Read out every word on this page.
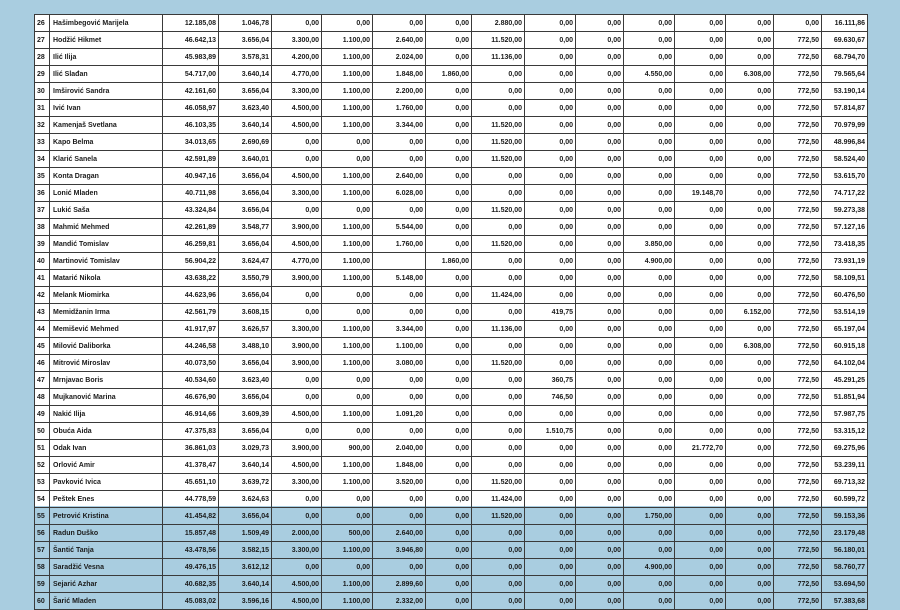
26	Hašimbegović Marijela	12.185,08	1.046,78	0,00	0,00	0,00	0,00	2.880,00	0,00	0,00	0,00	0,00	0,00	0,00	16.111,86
27	Hodžić Hikmet	46.642,13	3.656,04	3.300,00	1.100,00	2.640,00	0,00	11.520,00	0,00	0,00	0,00	0,00	0,00	772,50	69.630,67
28	Ilić Ilija	45.983,89	3.578,31	4.200,00	1.100,00	2.024,00	0,00	11.136,00	0,00	0,00	0,00	0,00	0,00	772,50	68.794,70
29	Ilić Slađan	54.717,00	3.640,14	4.770,00	1.100,00	1.848,00	1.860,00	0,00	0,00	0,00	4.550,00	0,00	6.308,00	772,50	79.565,64
30	Imširović Sandra	42.161,60	3.656,04	3.300,00	1.100,00	2.200,00	0,00	0,00	0,00	0,00	0,00	0,00	0,00	772,50	53.190,14
31	Ivić Ivan	46.058,97	3.623,40	4.500,00	1.100,00	1.760,00	0,00	0,00	0,00	0,00	0,00	0,00	0,00	772,50	57.814,87
32	Kamenjaš Svetlana	46.103,35	3.640,14	4.500,00	1.100,00	3.344,00	0,00	11.520,00	0,00	0,00	0,00	0,00	0,00	772,50	70.979,99
33	Kapo Belma	34.013,65	2.690,69	0,00	0,00	0,00	0,00	11.520,00	0,00	0,00	0,00	0,00	0,00	772,50	48.996,84
34	Klarić Sanela	42.591,89	3.640,01	0,00	0,00	0,00	0,00	11.520,00	0,00	0,00	0,00	0,00	0,00	772,50	58.524,40
35	Konta Dragan	40.947,16	3.656,04	4.500,00	1.100,00	2.640,00	0,00	0,00	0,00	0,00	0,00	0,00	0,00	772,50	53.615,70
36	Lonić Mladen	40.711,98	3.656,04	3.300,00	1.100,00	6.028,00	0,00	0,00	0,00	0,00	0,00	19.148,70	0,00	772,50	74.717,22
37	Lukić Saša	43.324,84	3.656,04	0,00	0,00	0,00	0,00	11.520,00	0,00	0,00	0,00	0,00	0,00	772,50	59.273,38
38	Mahmić Mehmed	42.261,89	3.548,77	3.900,00	1.100,00	5.544,00	0,00	0,00	0,00	0,00	0,00	0,00	0,00	772,50	57.127,16
39	Mandić Tomislav	46.259,81	3.656,04	4.500,00	1.100,00	1.760,00	0,00	11.520,00	0,00	0,00	3.850,00	0,00	0,00	772,50	73.418,35
40	Martinović Tomislav	56.904,22	3.624,47	4.770,00	1.100,00		1.860,00	0,00	0,00	0,00	4.900,00	0,00	0,00	772,50	73.931,19
41	Matarić Nikola	43.638,22	3.550,79	3.900,00	1.100,00	5.148,00	0,00	0,00	0,00	0,00	0,00	0,00	0,00	772,50	58.109,51
42	Melank Miomirka	44.623,96	3.656,04	0,00	0,00	0,00	0,00	11.424,00	0,00	0,00	0,00	0,00	0,00	772,50	60.476,50
43	Memidžanin Irma	42.561,79	3.608,15	0,00	0,00	0,00	0,00	0,00	419,75	0,00	0,00	0,00	6.152,00	772,50	53.514,19
44	Memišević Mehmed	41.917,97	3.626,57	3.300,00	1.100,00	3.344,00	0,00	11.136,00	0,00	0,00	0,00	0,00	0,00	772,50	65.197,04
45	Milović Daliborka	44.246,58	3.488,10	3.900,00	1.100,00	1.100,00	0,00	0,00	0,00	0,00	0,00	0,00	6.308,00	772,50	60.915,18
46	Mitrović Miroslav	40.073,50	3.656,04	3.900,00	1.100,00	3.080,00	0,00	11.520,00	0,00	0,00	0,00	0,00	0,00	772,50	64.102,04
47	Mrnjavac Boris	40.534,60	3.623,40	0,00	0,00	0,00	0,00	0,00	360,75	0,00	0,00	0,00	0,00	772,50	45.291,25
48	Mujkanović Marina	46.676,90	3.656,04	0,00	0,00	0,00	0,00	0,00	746,50	0,00	0,00	0,00	0,00	772,50	51.851,94
49	Nakić Ilija	46.914,66	3.609,39	4.500,00	1.100,00	1.091,20	0,00	0,00	0,00	0,00	0,00	0,00	0,00	772,50	57.987,75
50	Obuća Aida	47.375,83	3.656,04	0,00	0,00	0,00	0,00	0,00	1.510,75	0,00	0,00	0,00	0,00	772,50	53.315,12
51	Odak Ivan	36.861,03	3.029,73	3.900,00	900,00	2.040,00	0,00	0,00	0,00	0,00	0,00	21.772,70	0,00	772,50	69.275,96
52	Orlović Amir	41.378,47	3.640,14	4.500,00	1.100,00	1.848,00	0,00	0,00	0,00	0,00	0,00	0,00	0,00	772,50	53.239,11
53	Pavković Ivica	45.651,10	3.639,72	3.300,00	1.100,00	3.520,00	0,00	11.520,00	0,00	0,00	0,00	0,00	0,00	772,50	69.713,32
54	Peštek Enes	44.778,59	3.624,63	0,00	0,00	0,00	0,00	11.424,00	0,00	0,00	0,00	0,00	0,00	772,50	60.599,72
55	Petrović Kristina	41.454,82	3.656,04	0,00	0,00	0,00	0,00	11.520,00	0,00	0,00	1.750,00	0,00	0,00	772,50	59.153,36
56	Radun Duško	15.857,48	1.509,49	2.000,00	500,00	2.640,00	0,00	0,00	0,00	0,00	0,00	0,00	0,00	772,50	23.179,48
57	Šantić Tanja	43.478,56	3.582,15	3.300,00	1.100,00	3.946,80	0,00	0,00	0,00	0,00	0,00	0,00	0,00	772,50	56.180,01
58	Saradžić Vesna	49.476,15	3.612,12	0,00	0,00	0,00	0,00	0,00	0,00	0,00	4.900,00	0,00	0,00	772,50	58.760,77
59	Sejarić Azhar	40.682,35	3.640,14	4.500,00	1.100,00	2.899,60	0,00	0,00	0,00	0,00	0,00	0,00	0,00	772,50	53.694,50
60	Šarić Mladen	45.083,02	3.596,16	4.500,00	1.100,00	2.332,00	0,00	0,00	0,00	0,00	0,00	0,00	0,00	772,50	57.383,68
